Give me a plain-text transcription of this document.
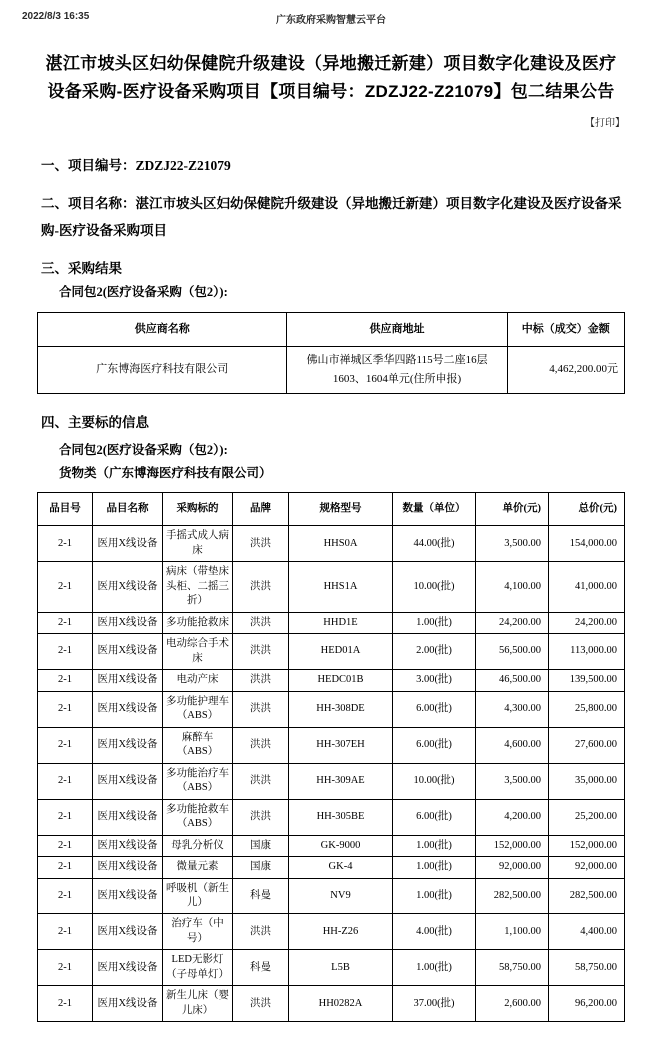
2022/8/3 16:35	广东政府采购智慧云平台
湛江市坡头区妇幼保健院升级建设（异地搬迁新建）项目数字化建设及医疗设备采购-医疗设备采购项目【项目编号：ZDZJ22-Z21079】包二结果公告
【打印】

一、项目编号：ZDZJ22-Z21079

二、项目名称：湛江市坡头区妇幼保健院升级建设（异地搬迁新建）项目数字化建设及医疗设备采购-医疗设备采购项目

三、采购结果

合同包2(医疗设备采购（包2）):

供应商名称	供应商地址	中标（成交）金额
广东博海医疗科技有限公司	佛山市禅城区季华四路115号二座16层1603、1604单元(住所申报)	4,462,200.00元

四、主要标的信息

合同包2(医疗设备采购（包2）):

货物类（广东博海医疗科技有限公司）

品目号	品目名称	采购标的	品牌	规格型号	数量（单位）	单价(元)	总价(元)
2-1	医用X线设备	手摇式成人病床	洪洪	HHS0A	44.00(批)	3,500.00	154,000.00
2-1	医用X线设备	病床（带垫床头柜、二摇三折）	洪洪	HHS1A	10.00(批)	4,100.00	41,000.00
2-1	医用X线设备	多功能抢救床	洪洪	HHD1E	1.00(批)	24,200.00	24,200.00
2-1	医用X线设备	电动综合手术床	洪洪	HED01A	2.00(批)	56,500.00	113,000.00
2-1	医用X线设备	电动产床	洪洪	HEDC01B	3.00(批)	46,500.00	139,500.00
2-1	医用X线设备	多功能护理车（ABS）	洪洪	HH-308DE	6.00(批)	4,300.00	25,800.00
2-1	医用X线设备	麻醉车（ABS）	洪洪	HH-307EH	6.00(批)	4,600.00	27,600.00
2-1	医用X线设备	多功能治疗车（ABS）	洪洪	HH-309AE	10.00(批)	3,500.00	35,000.00
2-1	医用X线设备	多功能抢救车（ABS）	洪洪	HH-305BE	6.00(批)	4,200.00	25,200.00
2-1	医用X线设备	母乳分析仪	国康	GK-9000	1.00(批)	152,000.00	152,000.00
2-1	医用X线设备	微量元素	国康	GK-4	1.00(批)	92,000.00	92,000.00
2-1	医用X线设备	呼吸机（新生儿）	科曼	NV9	1.00(批)	282,500.00	282,500.00
2-1	医用X线设备	治疗车（中号）	洪洪	HH-Z26	4.00(批)	1,100.00	4,400.00
2-1	医用X线设备	LED无影灯（子母单灯）	科曼	L5B	1.00(批)	58,750.00	58,750.00
2-1	医用X线设备	新生儿床（婴儿床）	洪洪	HH0282A	37.00(批)	2,600.00	96,200.00
